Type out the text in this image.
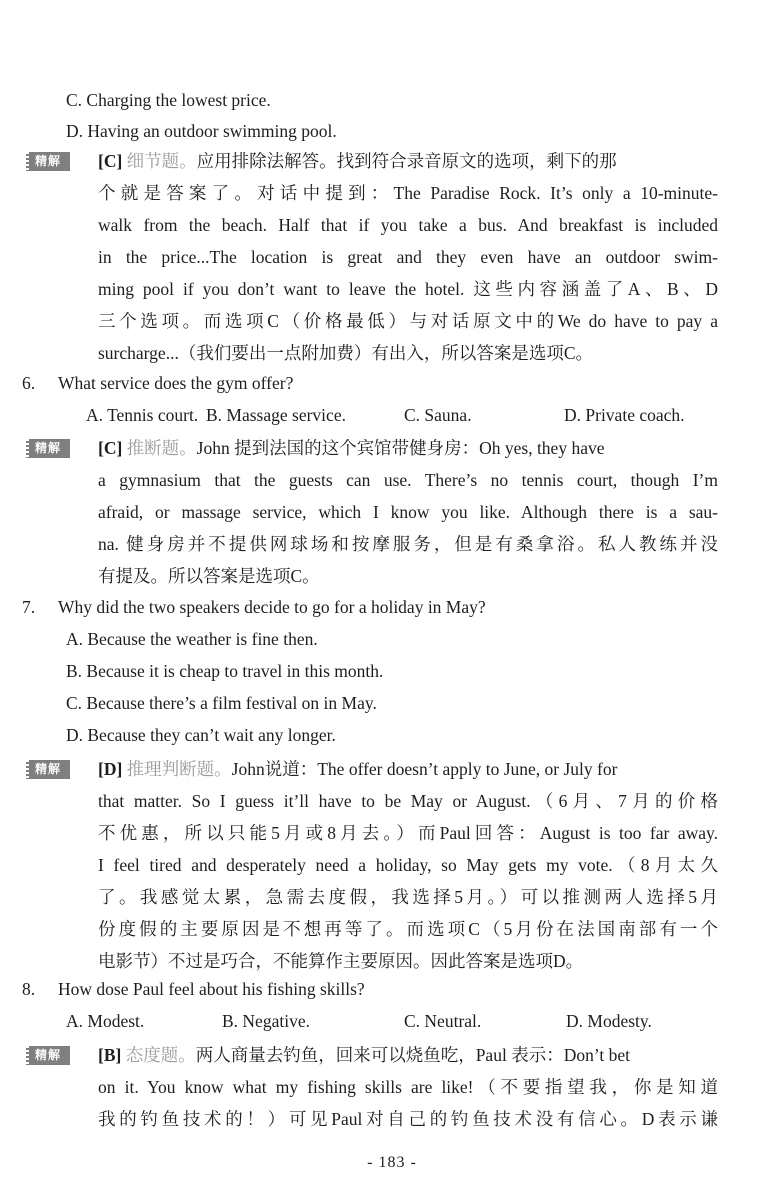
C. Charging the lowest price.
D. Having an outdoor swimming pool.
精解	[C] 细节题。应用排除法解答。找到符合录音原文的选项，剩下的那
个就是答案了。对话中提到：The Paradise Rock. It’s only a 10-minute-
walk from the beach. Half that if you take a bus. And breakfast is included
in the price...The location is great and they even have an outdoor swim-
ming pool if you don’t want to leave the hotel. 这些内容涵盖了A、B、D
三个选项。而选项C（价格最低）与对话原文中的We do have to pay a
surcharge...（我们要出一点附加费）有出入，所以答案是选项C。
6. What service does the gym offer?
A. Tennis court. B. Massage service.	C. Sauna.	D. Private coach.
精解	[C] 推断题。John 提到法国的这个宾馆带健身房：Oh yes, they have
a gymnasium that the guests can use. There’s no tennis court, though I’m
afraid, or massage service, which I know you like. Although there is a sau-
na. 健身房并不提供网球场和按摩服务，但是有桑拿浴。私人教练并没
有提及。所以答案是选项C。
7. Why did the two speakers decide to go for a holiday in May?
A. Because the weather is fine then.
B. Because it is cheap to travel in this month.
C. Because there’s a film festival on in May.
D. Because they can’t wait any longer.
精解	[D] 推理判断题。John说道：The offer doesn’t apply to June, or July for
that matter. So I guess it’ll have to be May or August.（6月、7月的价格
不优惠，所以只能5月或8月去。）而Paul回答：August is too far away.
I feel tired and desperately need a holiday, so May gets my vote.（8月太久
了。我感觉太累，急需去度假，我选择5月。）可以推测两人选择5月
份度假的主要原因是不想再等了。而选项C（5月份在法国南部有一个
电影节）不过是巧合，不能算作主要原因。因此答案是选项D。
8. How dose Paul feel about his fishing skills?
A. Modest.	B. Negative.	C. Neutral.	D. Modesty.
精解	[B] 态度题。两人商量去钓鱼，回来可以烧鱼吃，Paul 表示：Don’t bet
on it. You know what my fishing skills are like!（不要指望我，你是知道
我的钓鱼技术的！）可见Paul对自己的钓鱼技术没有信心。D表示谦
- 183 -
